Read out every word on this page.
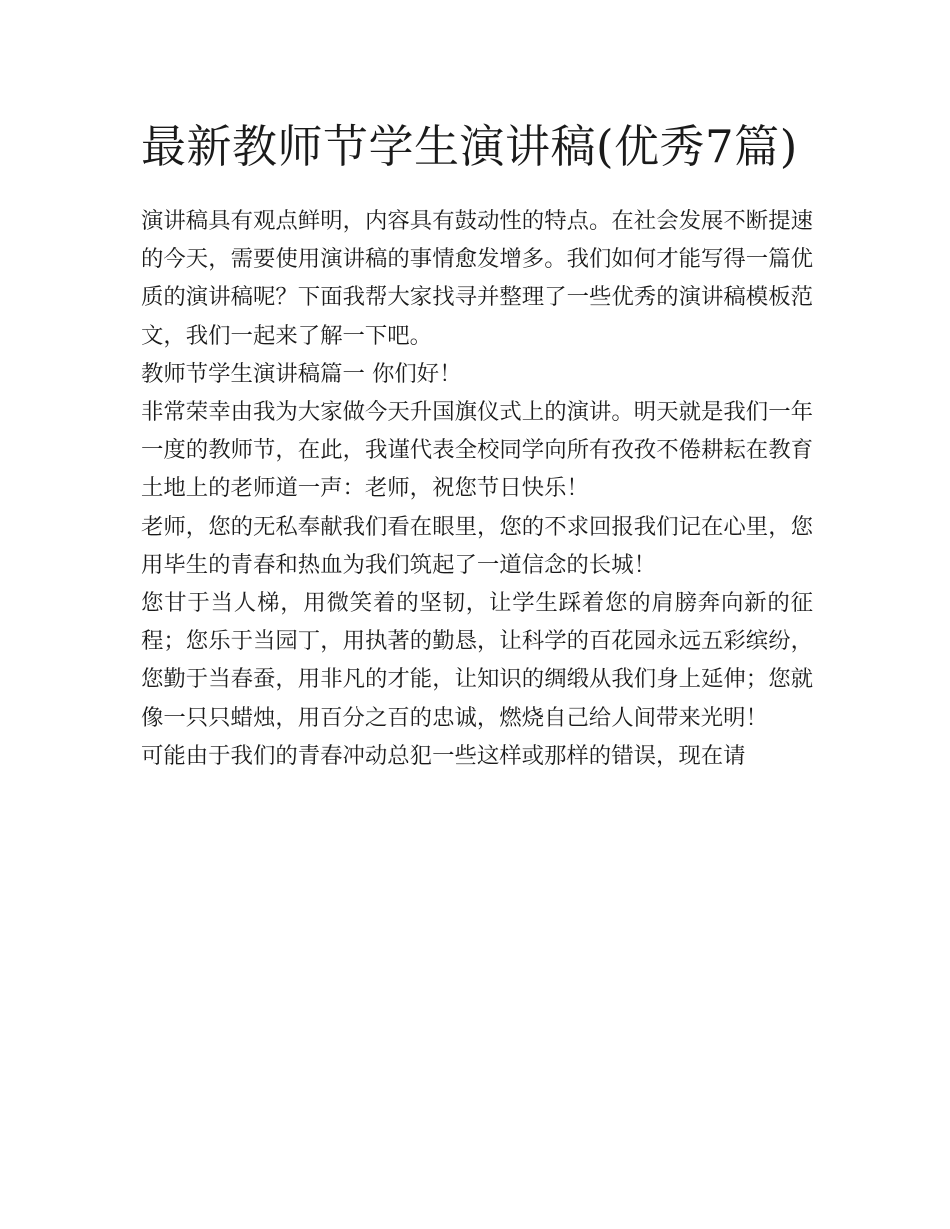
最新教师节学生演讲稿(优秀7篇)

演讲稿具有观点鲜明，内容具有鼓动性的特点。在社会发展不断提速的今天，需要使用演讲稿的事情愈发增多。我们如何才能写得一篇优质的演讲稿呢？下面我帮大家找寻并整理了一些优秀的演讲稿模板范文，我们一起来了解一下吧。

教师节学生演讲稿篇一 你们好！

非常荣幸由我为大家做今天升国旗仪式上的演讲。明天就是我们一年一度的教师节，在此，我谨代表全校同学向所有孜孜不倦耕耘在教育土地上的老师道一声：老师，祝您节日快乐！

老师，您的无私奉献我们看在眼里，您的不求回报我们记在心里，您用毕生的青春和热血为我们筑起了一道信念的长城！

您甘于当人梯，用微笑着的坚韧，让学生踩着您的肩膀奔向新的征程；您乐于当园丁，用执著的勤恳，让科学的百花园永远五彩缤纷，您勤于当春蚕，用非凡的才能，让知识的绸缎从我们身上延伸；您就像一只只蜡烛，用百分之百的忠诚，燃烧自己给人间带来光明！

可能由于我们的青春冲动总犯一些这样或那样的错误，现在请
